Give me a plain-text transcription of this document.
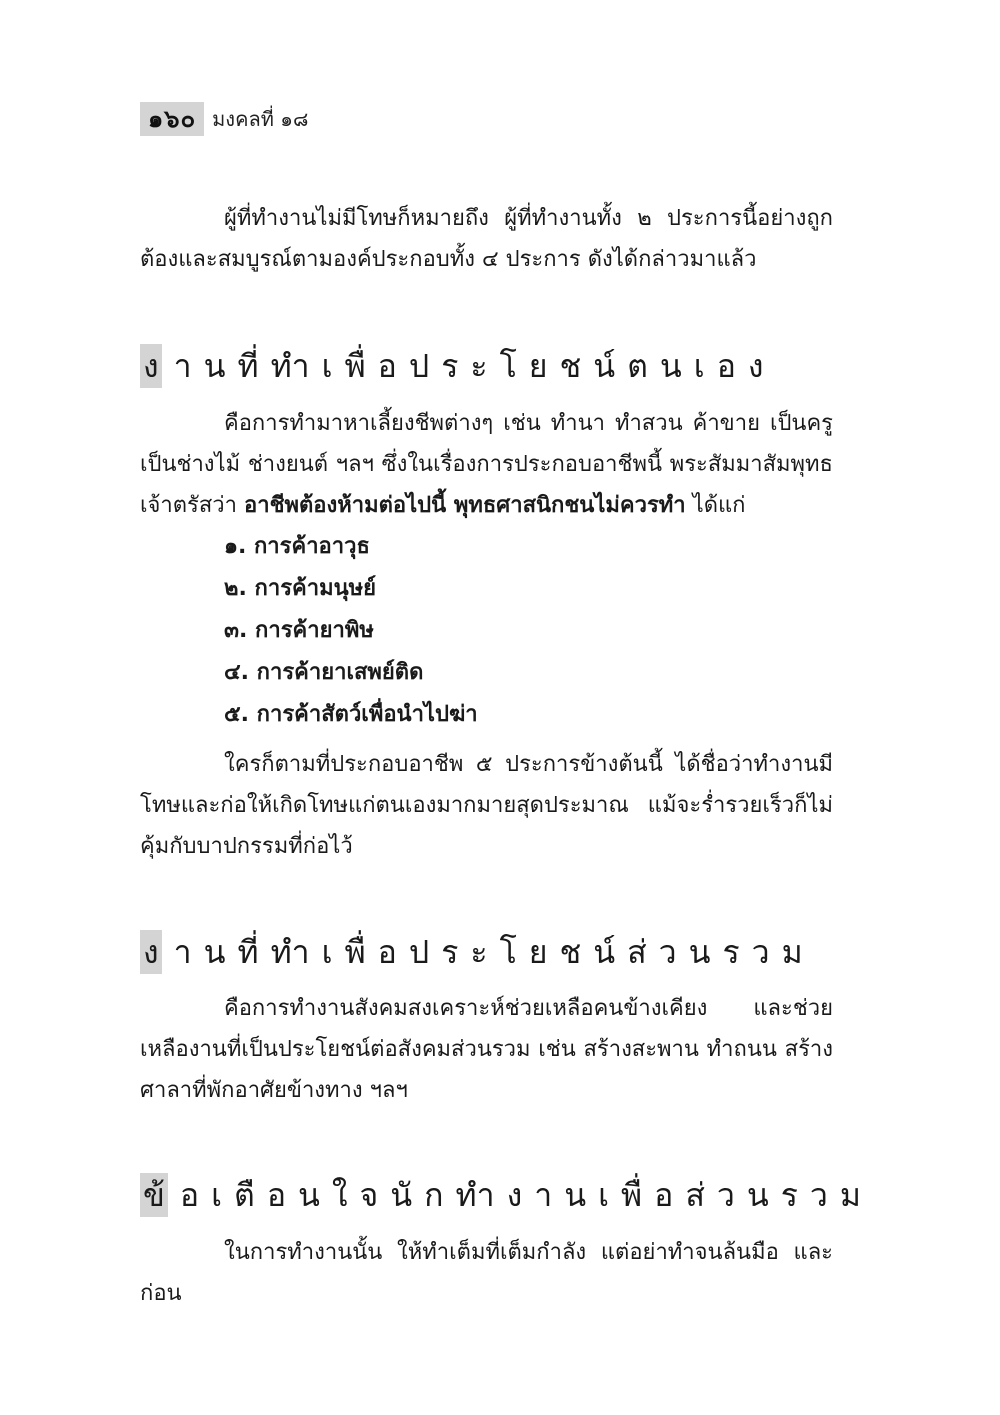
๑๖๐ มงคลที่ ๑๘

ผู้ที่ทำงานไม่มีโทษก็หมายถึง ผู้ที่ทำงานทั้ง ๒ ประการนี้อย่างถูกต้องและสมบูรณ์ตามองค์ประกอบทั้ง ๔ ประการ ดังได้กล่าวมาแล้ว

ง านที่ทำเพื่อประโยชน์ตนเอง

คือการทำมาหาเลี้ยงชีพต่างๆ เช่น ทำนา ทำสวน ค้าขาย เป็นครู เป็นช่างไม้ ช่างยนต์ ฯลฯ ซึ่งในเรื่องการประกอบอาชีพนี้ พระสัมมาสัมพุทธเจ้าตรัสว่า อาชีพต้องห้ามต่อไปนี้ พุทธศาสนิกชนไม่ควรทำ ได้แก่

๑. การค้าอาวุธ
๒. การค้ามนุษย์
๓. การค้ายาพิษ
๔. การค้ายาเสพย์ติด
๕. การค้าสัตว์เพื่อนำไปฆ่า

ใครก็ตามที่ประกอบอาชีพ ๕ ประการข้างต้นนี้ ได้ชื่อว่าทำงานมีโทษและก่อให้เกิดโทษแก่ตนเองมากมายสุดประมาณ แม้จะร่ำรวยเร็วก็ไม่คุ้มกับบาปกรรมที่ก่อไว้

ง านที่ทำเพื่อประโยชน์ส่วนรวม

คือการทำงานสังคมสงเคราะห์ช่วยเหลือคนข้างเคียง และช่วยเหลืองานที่เป็นประโยชน์ต่อสังคมส่วนรวม เช่น สร้างสะพาน ทำถนน สร้างศาลาที่พักอาศัยข้างทาง ฯลฯ

ข้ อเตือนใจนักทำงานเพื่อส่วนรวม

ในการทำงานนั้น ให้ทำเต็มที่เต็มกำลัง แต่อย่าทำจนล้นมือ และก่อน
